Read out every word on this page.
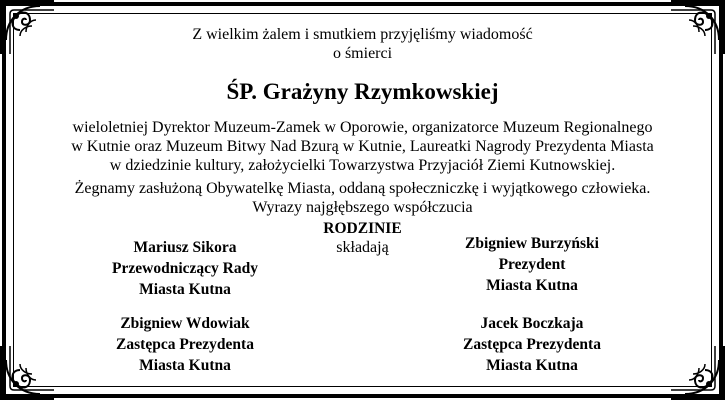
Z wielkim żalem i smutkiem przyjęliśmy wiadomość
o śmierci
ŚP. Grażyny Rzymkowskiej
wieloletniej Dyrektor Muzeum-Zamek w Oporowie, organizatorce Muzeum Regionalnego
w Kutnie oraz Muzeum Bitwy Nad Bzurą w Kutnie, Laureatki Nagrody Prezydenta Miasta
w dziedzinie kultury, założycielki Towarzystwa Przyjaciół Ziemi Kutnowskiej.
Żegnamy zasłużoną Obywatelkę Miasta, oddaną społeczniczkę i wyjątkowego człowieka.
Wyrazy najgłębszego współczucia
RODZINIE
składają
Mariusz Sikora
Przewodniczący Rady
Miasta Kutna
Zbigniew Burzyński
Prezydent
Miasta Kutna
Zbigniew Wdowiak
Zastępca Prezydenta
Miasta Kutna
Jacek Boczkaja
Zastępca Prezydenta
Miasta Kutna
